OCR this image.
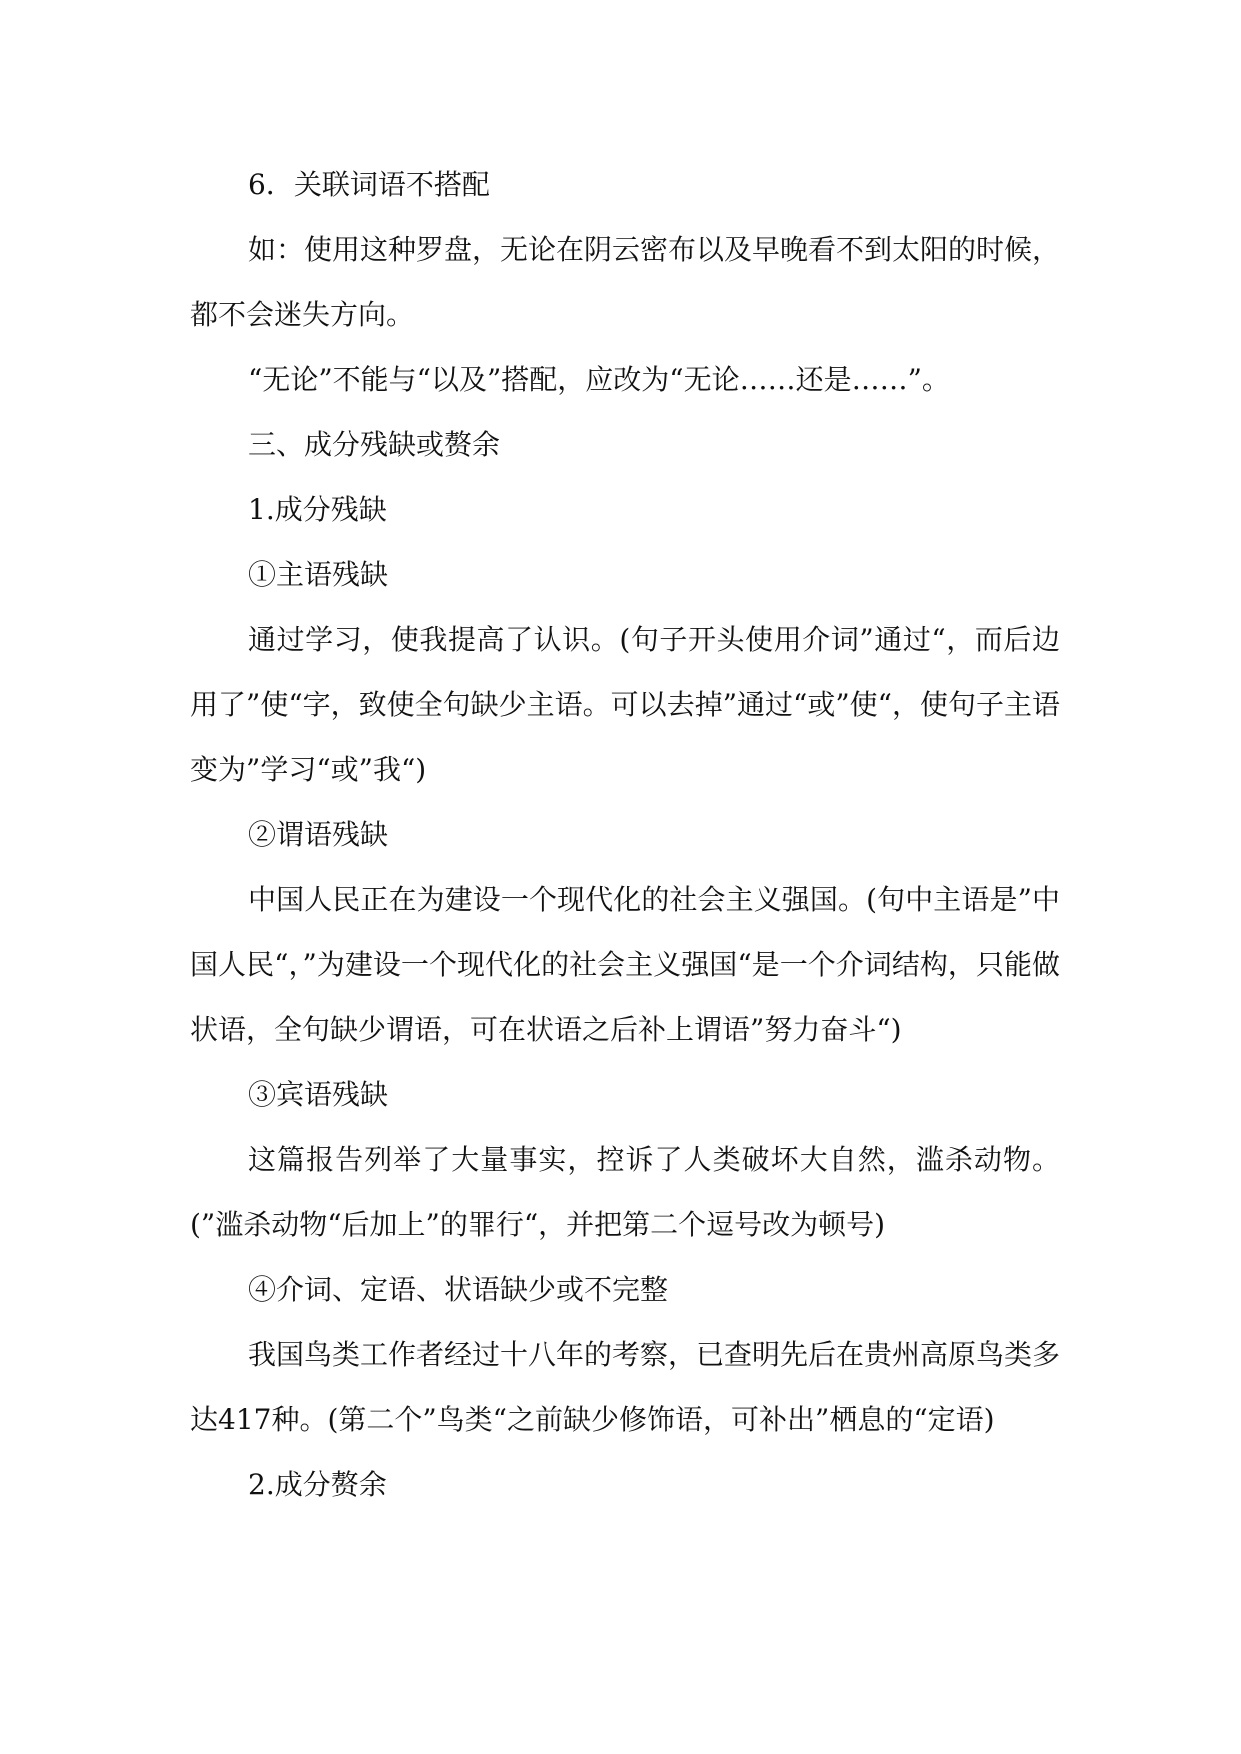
6．关联词语不搭配

如：使用这种罗盘，无论在阴云密布以及早晚看不到太阳的时候，都不会迷失方向。

“无论”不能与“以及”搭配，应改为“无论……还是……”。

三、成分残缺或赘余

1.成分残缺

①主语残缺

通过学习，使我提高了认识。(句子开头使用介词”通过“，而后边用了”使“字，致使全句缺少主语。可以去掉”通过“或”使“，使句子主语变为”学习“或”我“)

②谓语残缺

中国人民正在为建设一个现代化的社会主义强国。(句中主语是”中国人民“，”为建设一个现代化的社会主义强国“是一个介词结构，只能做状语，全句缺少谓语，可在状语之后补上谓语”努力奋斗“)

③宾语残缺

这篇报告列举了大量事实，控诉了人类破坏大自然，滥杀动物。(”滥杀动物“后加上”的罪行“，并把第二个逗号改为顿号)

④介词、定语、状语缺少或不完整

我国鸟类工作者经过十八年的考察，已查明先后在贵州高原鸟类多达417种。(第二个”鸟类“之前缺少修饰语，可补出”栖息的“定语)

2.成分赘余
